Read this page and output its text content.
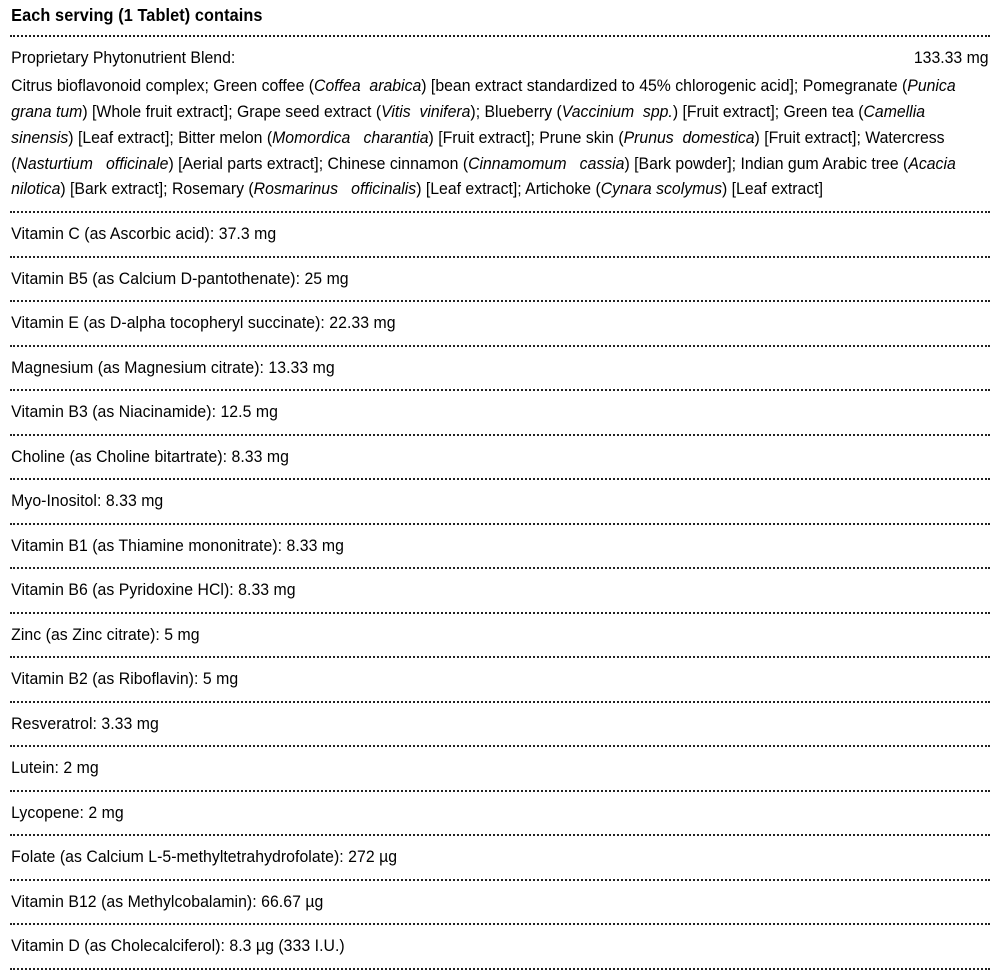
Each serving (1 Tablet) contains
Proprietary Phytonutrient Blend:	133.33 mg
Citrus bioflavonoid complex; Green coffee (Coffea  arabica) [bean extract standardized to 45% chlorogenic acid]; Pomegranate (Punica  grana tum) [Whole fruit extract]; Grape seed extract (Vitis  vinifera); Blueberry (Vaccinium  spp.) [Fruit extract]; Green tea (Camellia  sinensis) [Leaf extract]; Bitter melon (Momordica   charantia) [Fruit extract]; Prune skin (Prunus  domestica) [Fruit extract]; Watercress (Nasturtium   officinale) [Aerial parts extract]; Chinese cinnamon (Cinnamomum   cassia) [Bark powder]; Indian gum Arabic tree (Acacia  nilotica) [Bark extract]; Rosemary (Rosmarinus   officinalis) [Leaf extract]; Artichoke (Cynara scolymus) [Leaf extract]
Vitamin C (as Ascorbic acid): 37.3 mg
Vitamin B5 (as Calcium D-pantothenate): 25 mg
Vitamin E (as D-alpha tocopheryl succinate): 22.33 mg
Magnesium (as Magnesium citrate): 13.33 mg
Vitamin B3 (as Niacinamide): 12.5 mg
Choline (as Choline bitartrate): 8.33 mg
Myo-Inositol: 8.33 mg
Vitamin B1 (as Thiamine mononitrate): 8.33 mg
Vitamin B6 (as Pyridoxine HCl): 8.33 mg
Zinc (as Zinc citrate): 5 mg
Vitamin B2 (as Riboflavin): 5 mg
Resveratrol: 3.33 mg
Lutein: 2 mg
Lycopene: 2 mg
Folate (as Calcium L-5-methyltetrahydrofolate): 272 µg
Vitamin B12 (as Methylcobalamin): 66.67 µg
Vitamin D (as Cholecalciferol): 8.3 µg (333 I.U.)
